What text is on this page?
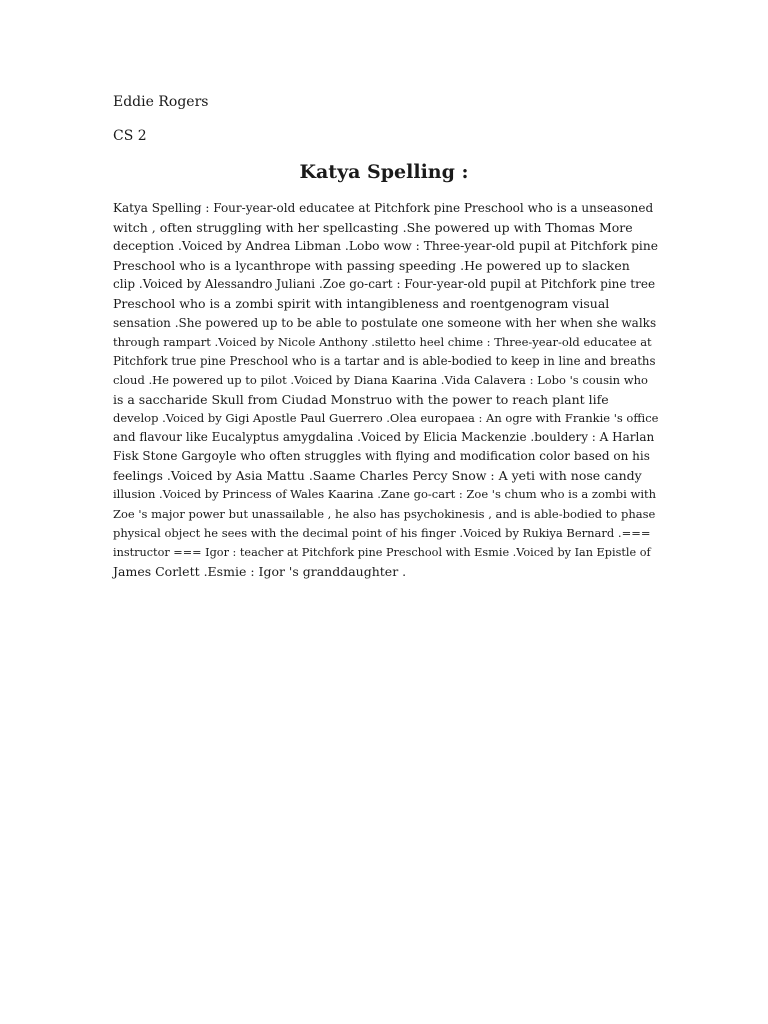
Eddie Rogers
CS 2
Katya Spelling :
Katya Spelling : Four-year-old educatee at Pitchfork pine Preschool who is a unseasoned
witch , often struggling with her spellcasting .She powered up with Thomas More
deception .Voiced by Andrea Libman .Lobo wow : Three-year-old pupil at Pitchfork pine
Preschool who is a lycanthrope with passing speeding .He powered up to slacken
clip .Voiced by Alessandro Juliani .Zoe go-cart : Four-year-old pupil at Pitchfork pine tree
Preschool who is a zombi spirit with intangibleness and roentgenogram visual
sensation .She powered up to be able to postulate one someone with her when she walks
through rampart .Voiced by Nicole Anthony .stiletto heel chime : Three-year-old educatee at
Pitchfork true pine Preschool who is a tartar and is able-bodied to keep in line and breaths
cloud .He powered up to pilot .Voiced by Diana Kaarina .Vida Calavera : Lobo 's cousin who
is a saccharide Skull from Ciudad Monstruo with the power to reach plant life
develop .Voiced by Gigi Apostle Paul Guerrero .Olea europaea : An ogre with Frankie 's office
and flavour like Eucalyptus amygdalina .Voiced by Elicia Mackenzie .bouldery : A Harlan
Fisk Stone Gargoyle who often struggles with flying and modification color based on his
feelings .Voiced by Asia Mattu .Saame Charles Percy Snow : A yeti with nose candy
illusion .Voiced by Princess of Wales Kaarina .Zane go-cart : Zoe 's chum who is a zombi with
Zoe 's major power but unassailable , he also has psychokinesis , and is able-bodied to phase
physical object he sees with the decimal point of his finger .Voiced by Rukiya Bernard .===
instructor === Igor : teacher at Pitchfork pine Preschool with Esmie .Voiced by Ian Epistle of
James Corlett .Esmie : Igor 's granddaughter .
